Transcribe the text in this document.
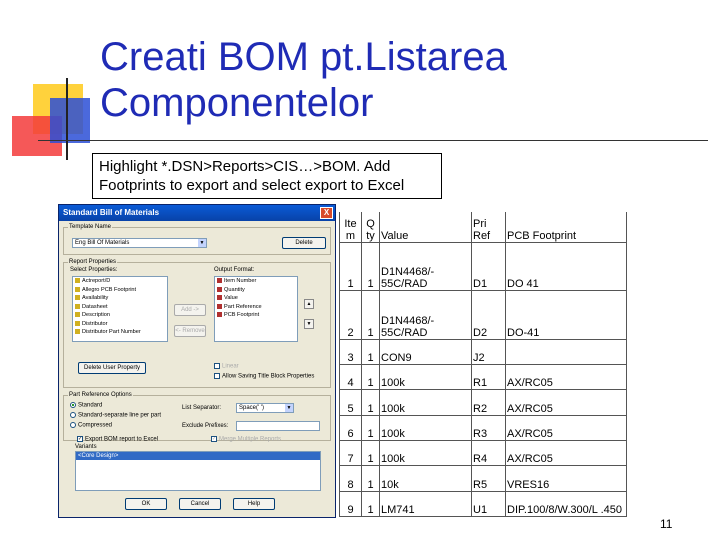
Creati BOM pt.Listarea Componentelor
Highlight *.DSN>Reports>CIS…>BOM. Add Footprints to export and select export to Excel
Standard Bill of Materials	X
Template Name
Eng Bill Of Materials	▼	Delete
Report Properties
Select Properties:	Output Format:
Actreport/D
Allegro PCB Footprint
Availability
Datasheet
Description
Distributor
Distributor Part Number
Add ->
<- Remove
Item Number
Quantity
Value
Part Reference
PCB Footprint
▲
▼
Delete User Property	Linear
Allow Saving Title Block Properties
Part Reference Options
Standard
Standard-separate line per part
Compressed
List Separator:	Space(' ')	▼
Exclude Prefixes:
✓ Export BOM report to Excel	✓ Merge Multiple Reports
Variants
<Core Design>
OK	Cancel	Help
Ite m	Q ty	Value	Pri Ref	PCB Footprint
1	1	D1N4468/- 55C/RAD	D1	DO 41
2	1	D1N4468/- 55C/RAD	D2	DO-41
3	1	CON9	J2	
4	1	100k	R1	AX/RC05
5	1	100k	R2	AX/RC05
6	1	100k	R3	AX/RC05
7	1	100k	R4	AX/RC05
8	1	10k	R5	VRES16
9	1	LM741	U1	DIP.100/8/W.300/L .450
11
